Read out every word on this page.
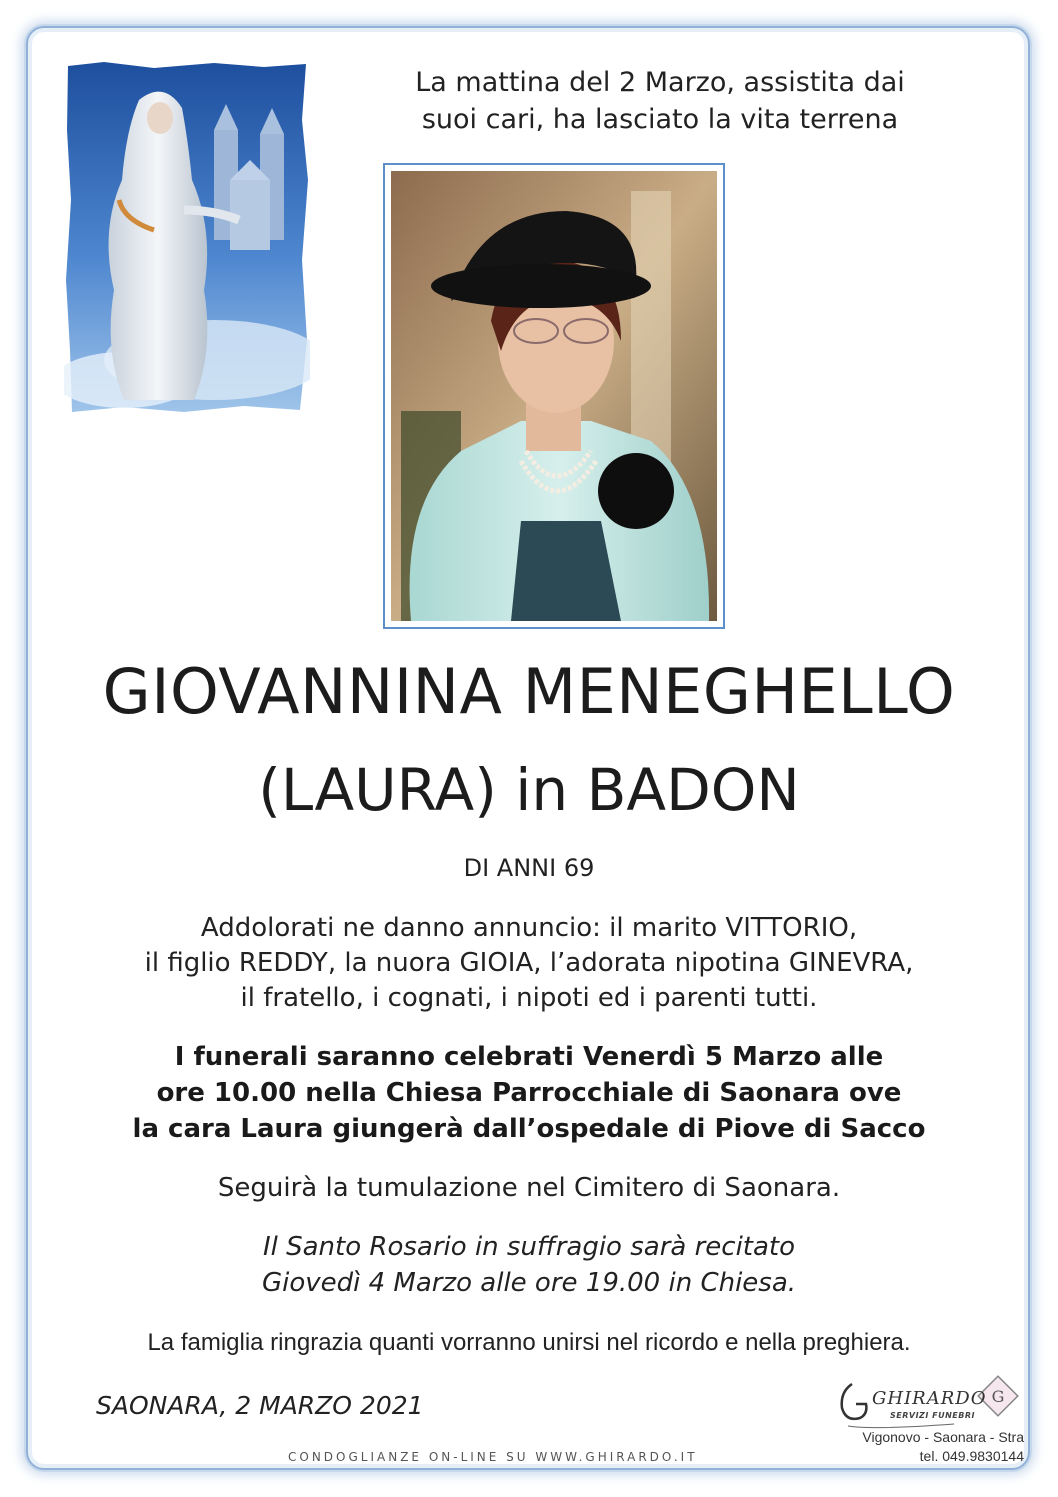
La mattina del 2 Marzo, assistita dai
suoi cari, ha lasciato la vita terrena
GIOVANNINA MENEGHELLO
(LAURA) in BADON
DI ANNI 69
Addolorati ne danno annuncio: il marito VITTORIO,
il figlio REDDY, la nuora GIOIA, l’adorata nipotina GINEVRA,
il fratello, i cognati, i nipoti ed i parenti tutti.
I funerali saranno celebrati Venerdì 5 Marzo alle
ore 10.00 nella Chiesa Parrocchiale di Saonara ove
la cara Laura giungerà dall’ospedale di Piove di Sacco
Seguirà la tumulazione nel Cimitero di Saonara.
Il Santo Rosario in suffragio sarà recitato
Giovedì 4 Marzo alle ore 19.00 in Chiesa.
La famiglia ringrazia quanti vorranno unirsi nel ricordo e nella preghiera.
SAONARA, 2 MARZO 2021
CONDOGLIANZE ON-LINE SU WWW.GHIRARDO.IT
G
GHIRARDO
SERVIZI FUNEBRI
Vigonovo - Saonara - Stra
tel. 049.9830144
